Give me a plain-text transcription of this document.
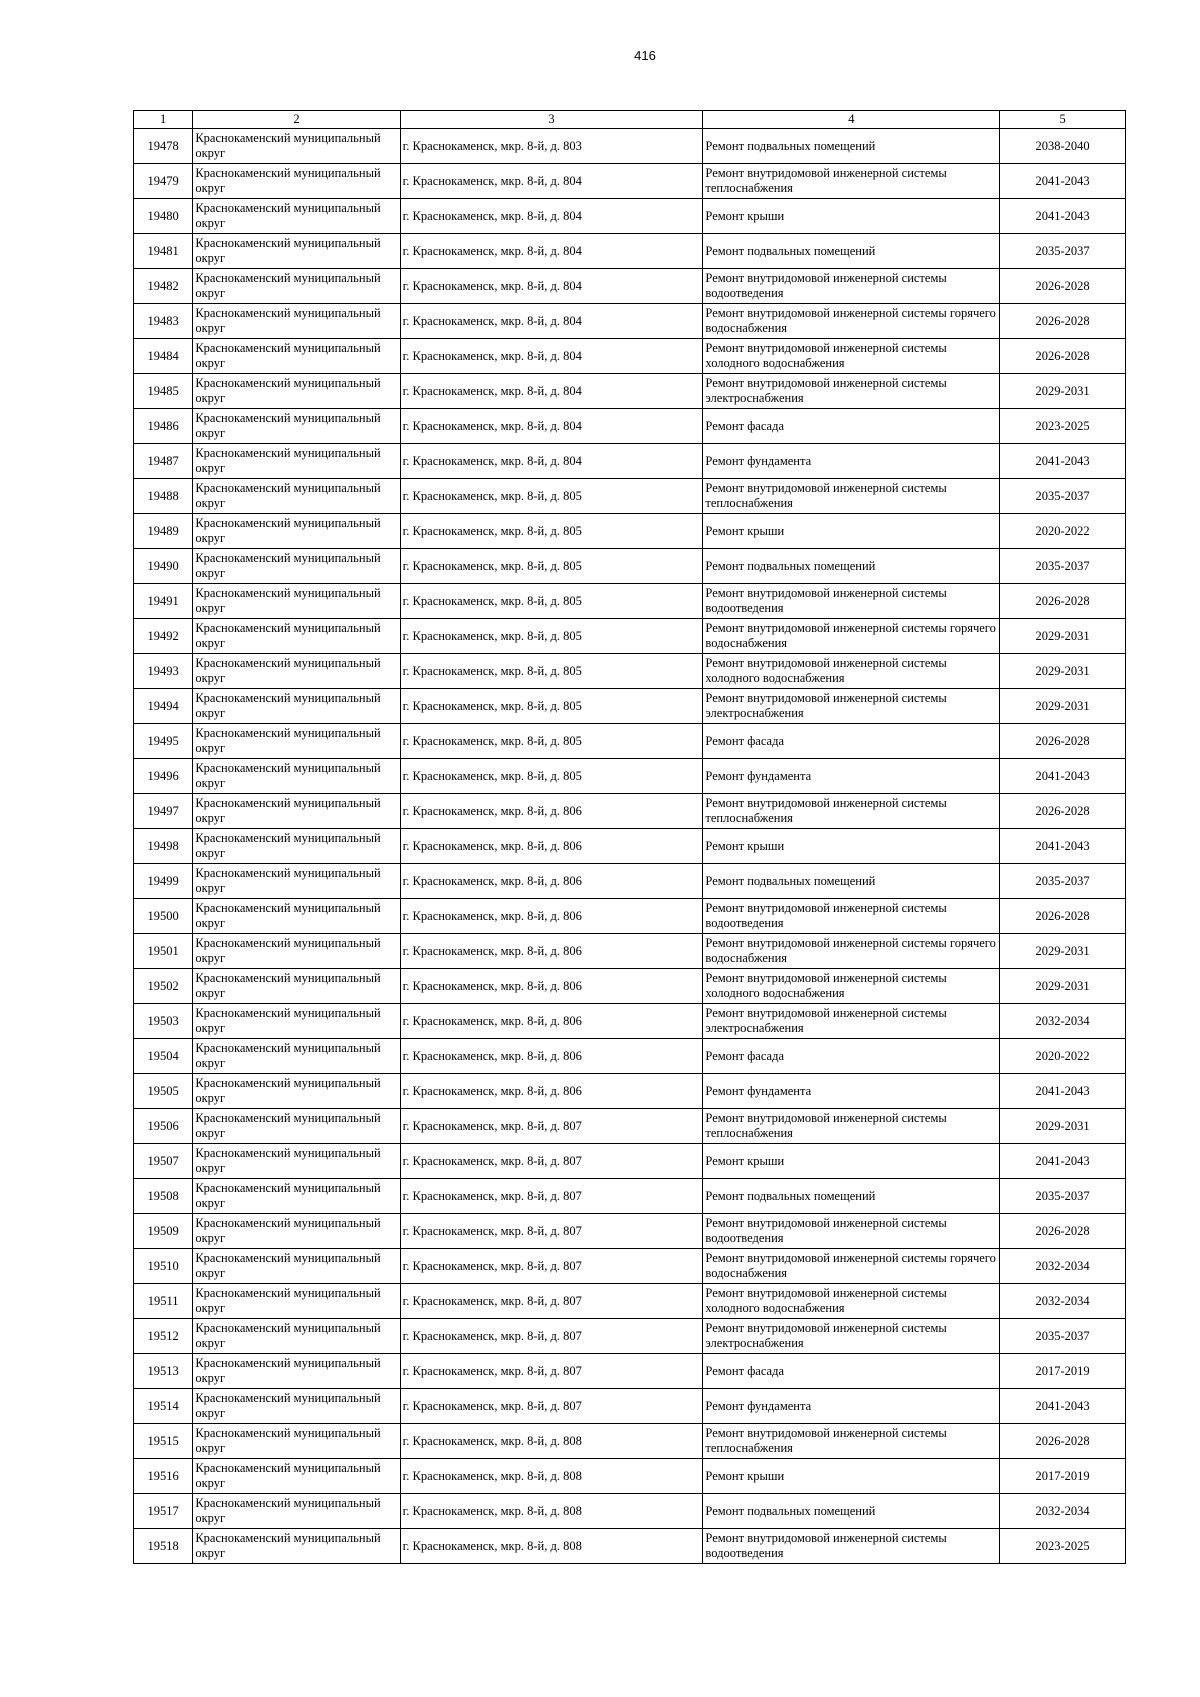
416
1	2	3	4	5
19478	Краснокаменский муниципальный округ	г. Краснокаменск, мкр. 8-й, д. 803	Ремонт подвальных помещений	2038-2040
19479	Краснокаменский муниципальный округ	г. Краснокаменск, мкр. 8-й, д. 804	Ремонт внутридомовой инженерной системы теплоснабжения	2041-2043
19480	Краснокаменский муниципальный округ	г. Краснокаменск, мкр. 8-й, д. 804	Ремонт крыши	2041-2043
19481	Краснокаменский муниципальный округ	г. Краснокаменск, мкр. 8-й, д. 804	Ремонт подвальных помещений	2035-2037
19482	Краснокаменский муниципальный округ	г. Краснокаменск, мкр. 8-й, д. 804	Ремонт внутридомовой инженерной системы водоотведения	2026-2028
19483	Краснокаменский муниципальный округ	г. Краснокаменск, мкр. 8-й, д. 804	Ремонт внутридомовой инженерной системы горячего водоснабжения	2026-2028
19484	Краснокаменский муниципальный округ	г. Краснокаменск, мкр. 8-й, д. 804	Ремонт внутридомовой инженерной системы холодного водоснабжения	2026-2028
19485	Краснокаменский муниципальный округ	г. Краснокаменск, мкр. 8-й, д. 804	Ремонт внутридомовой инженерной системы электроснабжения	2029-2031
19486	Краснокаменский муниципальный округ	г. Краснокаменск, мкр. 8-й, д. 804	Ремонт фасада	2023-2025
19487	Краснокаменский муниципальный округ	г. Краснокаменск, мкр. 8-й, д. 804	Ремонт фундамента	2041-2043
19488	Краснокаменский муниципальный округ	г. Краснокаменск, мкр. 8-й, д. 805	Ремонт внутридомовой инженерной системы теплоснабжения	2035-2037
19489	Краснокаменский муниципальный округ	г. Краснокаменск, мкр. 8-й, д. 805	Ремонт крыши	2020-2022
19490	Краснокаменский муниципальный округ	г. Краснокаменск, мкр. 8-й, д. 805	Ремонт подвальных помещений	2035-2037
19491	Краснокаменский муниципальный округ	г. Краснокаменск, мкр. 8-й, д. 805	Ремонт внутридомовой инженерной системы водоотведения	2026-2028
19492	Краснокаменский муниципальный округ	г. Краснокаменск, мкр. 8-й, д. 805	Ремонт внутридомовой инженерной системы горячего водоснабжения	2029-2031
19493	Краснокаменский муниципальный округ	г. Краснокаменск, мкр. 8-й, д. 805	Ремонт внутридомовой инженерной системы холодного водоснабжения	2029-2031
19494	Краснокаменский муниципальный округ	г. Краснокаменск, мкр. 8-й, д. 805	Ремонт внутридомовой инженерной системы электроснабжения	2029-2031
19495	Краснокаменский муниципальный округ	г. Краснокаменск, мкр. 8-й, д. 805	Ремонт фасада	2026-2028
19496	Краснокаменский муниципальный округ	г. Краснокаменск, мкр. 8-й, д. 805	Ремонт фундамента	2041-2043
19497	Краснокаменский муниципальный округ	г. Краснокаменск, мкр. 8-й, д. 806	Ремонт внутридомовой инженерной системы теплоснабжения	2026-2028
19498	Краснокаменский муниципальный округ	г. Краснокаменск, мкр. 8-й, д. 806	Ремонт крыши	2041-2043
19499	Краснокаменский муниципальный округ	г. Краснокаменск, мкр. 8-й, д. 806	Ремонт подвальных помещений	2035-2037
19500	Краснокаменский муниципальный округ	г. Краснокаменск, мкр. 8-й, д. 806	Ремонт внутридомовой инженерной системы водоотведения	2026-2028
19501	Краснокаменский муниципальный округ	г. Краснокаменск, мкр. 8-й, д. 806	Ремонт внутридомовой инженерной системы горячего водоснабжения	2029-2031
19502	Краснокаменский муниципальный округ	г. Краснокаменск, мкр. 8-й, д. 806	Ремонт внутридомовой инженерной системы холодного водоснабжения	2029-2031
19503	Краснокаменский муниципальный округ	г. Краснокаменск, мкр. 8-й, д. 806	Ремонт внутридомовой инженерной системы электроснабжения	2032-2034
19504	Краснокаменский муниципальный округ	г. Краснокаменск, мкр. 8-й, д. 806	Ремонт фасада	2020-2022
19505	Краснокаменский муниципальный округ	г. Краснокаменск, мкр. 8-й, д. 806	Ремонт фундамента	2041-2043
19506	Краснокаменский муниципальный округ	г. Краснокаменск, мкр. 8-й, д. 807	Ремонт внутридомовой инженерной системы теплоснабжения	2029-2031
19507	Краснокаменский муниципальный округ	г. Краснокаменск, мкр. 8-й, д. 807	Ремонт крыши	2041-2043
19508	Краснокаменский муниципальный округ	г. Краснокаменск, мкр. 8-й, д. 807	Ремонт подвальных помещений	2035-2037
19509	Краснокаменский муниципальный округ	г. Краснокаменск, мкр. 8-й, д. 807	Ремонт внутридомовой инженерной системы водоотведения	2026-2028
19510	Краснокаменский муниципальный округ	г. Краснокаменск, мкр. 8-й, д. 807	Ремонт внутридомовой инженерной системы горячего водоснабжения	2032-2034
19511	Краснокаменский муниципальный округ	г. Краснокаменск, мкр. 8-й, д. 807	Ремонт внутридомовой инженерной системы холодного водоснабжения	2032-2034
19512	Краснокаменский муниципальный округ	г. Краснокаменск, мкр. 8-й, д. 807	Ремонт внутридомовой инженерной системы электроснабжения	2035-2037
19513	Краснокаменский муниципальный округ	г. Краснокаменск, мкр. 8-й, д. 807	Ремонт фасада	2017-2019
19514	Краснокаменский муниципальный округ	г. Краснокаменск, мкр. 8-й, д. 807	Ремонт фундамента	2041-2043
19515	Краснокаменский муниципальный округ	г. Краснокаменск, мкр. 8-й, д. 808	Ремонт внутридомовой инженерной системы теплоснабжения	2026-2028
19516	Краснокаменский муниципальный округ	г. Краснокаменск, мкр. 8-й, д. 808	Ремонт крыши	2017-2019
19517	Краснокаменский муниципальный округ	г. Краснокаменск, мкр. 8-й, д. 808	Ремонт подвальных помещений	2032-2034
19518	Краснокаменский муниципальный округ	г. Краснокаменск, мкр. 8-й, д. 808	Ремонт внутридомовой инженерной системы водоотведения	2023-2025
